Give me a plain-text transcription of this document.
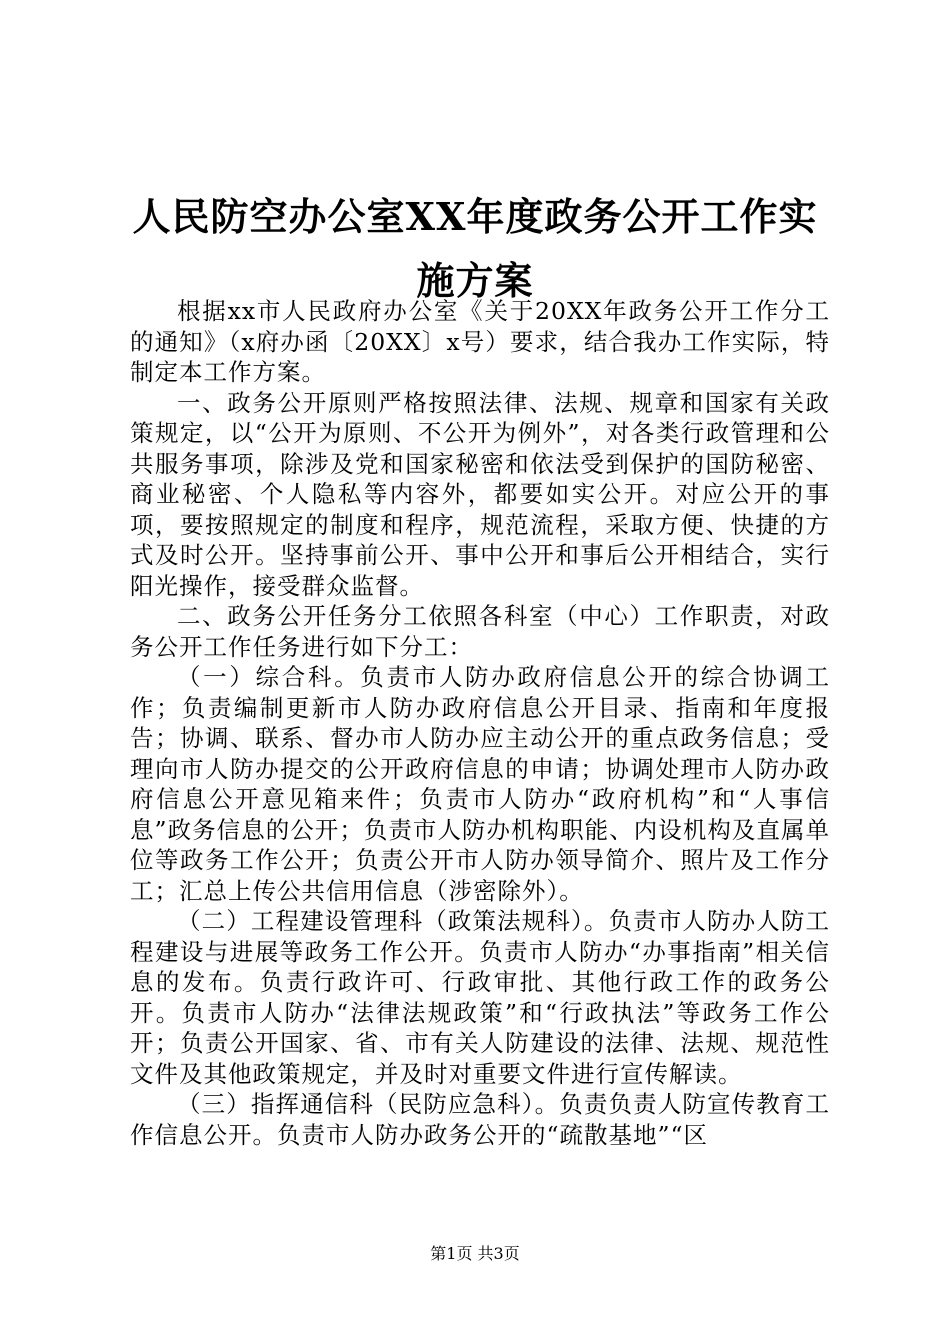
人民防空办公室XX年度政务公开工作实施方案

根据xx市人民政府办公室《关于20XX年政务公开工作分工的通知》（x府办函〔20XX〕x号）要求，结合我办工作实际，特制定本工作方案。

一、政务公开原则严格按照法律、法规、规章和国家有关政策规定，以“公开为原则、不公开为例外”，对各类行政管理和公共服务事项，除涉及党和国家秘密和依法受到保护的国防秘密、商业秘密、个人隐私等内容外，都要如实公开。对应公开的事项，要按照规定的制度和程序，规范流程，采取方便、快捷的方式及时公开。坚持事前公开、事中公开和事后公开相结合，实行阳光操作，接受群众监督。

二、政务公开任务分工依照各科室（中心）工作职责，对政务公开工作任务进行如下分工：

（一）综合科。负责市人防办政府信息公开的综合协调工作；负责编制更新市人防办政府信息公开目录、指南和年度报告；协调、联系、督办市人防办应主动公开的重点政务信息；受理向市人防办提交的公开政府信息的申请；协调处理市人防办政府信息公开意见箱来件；负责市人防办“政府机构”和“人事信息”政务信息的公开；负责市人防办机构职能、内设机构及直属单位等政务工作公开；负责公开市人防办领导简介、照片及工作分工；汇总上传公共信用信息（涉密除外）。

（二）工程建设管理科（政策法规科）。负责市人防办人防工程建设与进展等政务工作公开。负责市人防办“办事指南”相关信息的发布。负责行政许可、行政审批、其他行政工作的政务公开。负责市人防办“法律法规政策”和“行政执法”等政务工作公开；负责公开国家、省、市有关人防建设的法律、法规、规范性文件及其他政策规定，并及时对重要文件进行宣传解读。

（三）指挥通信科（民防应急科）。负责负责人防宣传教育工作信息公开。负责市人防办政务公开的“疏散基地”“区

第1页 共3页
